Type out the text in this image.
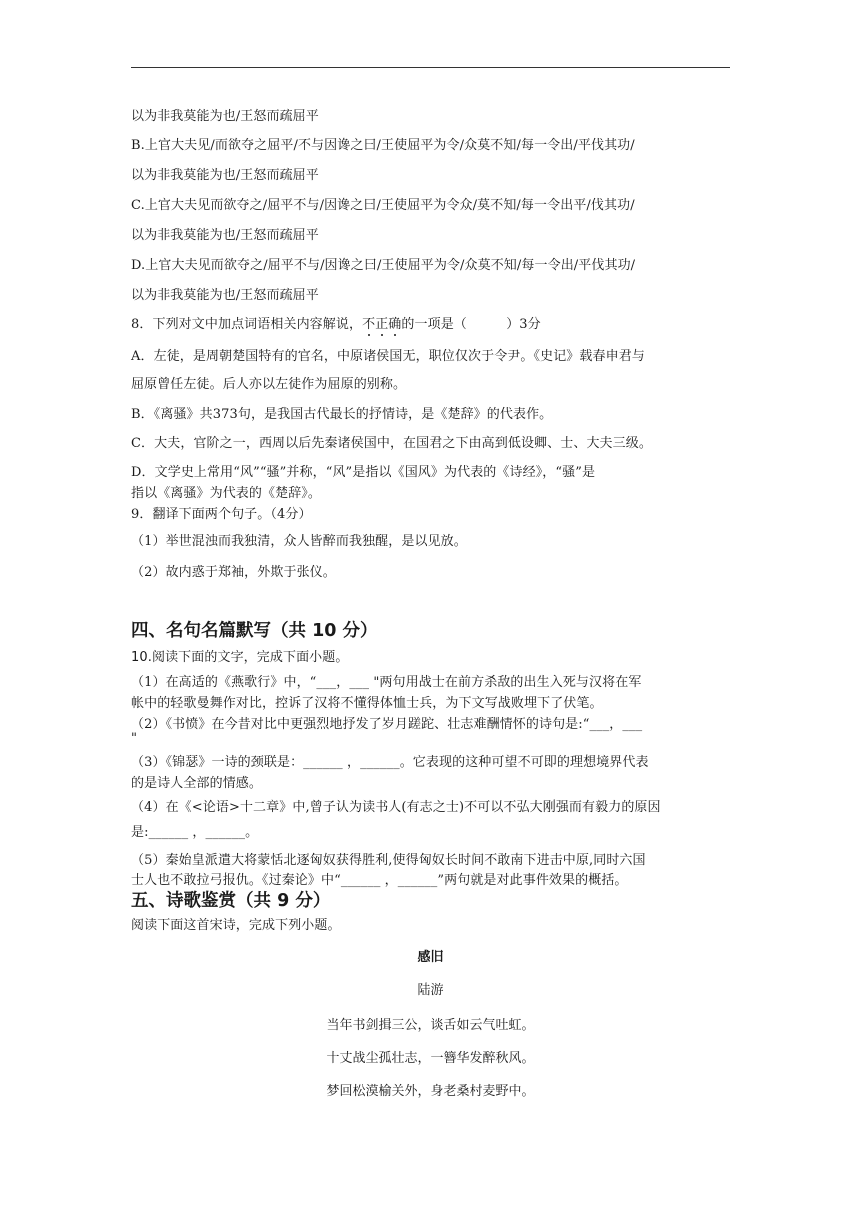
以为非我莫能为也/王怒而疏屈平
B.上官大夫见/而欲夺之屈平/不与因谗之曰/王使屈平为令/众莫不知/每一令出/平伐其功/
以为非我莫能为也/王怒而疏屈平
C.上官大夫见而欲夺之/屈平不与/因谗之曰/王使屈平为令众/莫不知/每一令出平/伐其功/
以为非我莫能为也/王怒而疏屈平
D.上官大夫见而欲夺之/屈平不与/因谗之曰/王使屈平为令/众莫不知/每一令出/平伐其功/
以为非我莫能为也/王怒而疏屈平
8．下列对文中加点词语相关内容解说，不正确的一项是（　　　）3分
A．左徒，是周朝楚国特有的官名，中原诸侯国无，职位仅次于令尹。《史记》载春申君与
屈原曾任左徒。后人亦以左徒作为屈原的别称。
B．《离骚》共373句，是我国古代最长的抒情诗，是《楚辞》的代表作。
C．大夫，官阶之一，西周以后先秦诸侯国中，在国君之下由高到低设卿、士、大夫三级。
D．文学史上常用“风”“骚”并称，“风”是指以《国风》为代表的《诗经》，“骚”是
指以《离骚》为代表的《楚辞》。
9．翻译下面两个句子。（4分）
（1）举世混浊而我独清，众人皆醉而我独醒，是以见放。
（2）故内惑于郑袖，外欺于张仪。
四、名句名篇默写（共 10 分）
10.阅读下面的文字，完成下面小题。
（1）在高适的《燕歌行》中，“___，___ "两句用战士在前方杀敌的出生入死与汉将在军
帐中的轻歌曼舞作对比，控诉了汉将不懂得体恤士兵，为下文写战败埋下了伏笔。
（2）《书愤》在今昔对比中更强烈地抒发了岁月蹉跎、壮志难酬情怀的诗句是:“___，___
"
（3）《锦瑟》一诗的颈联是：______ ，______。它表现的这种可望不可即的理想境界代表
的是诗人全部的情感。
（4）在《<论语>十二章》中,曾子认为读书人(有志之士)不可以不弘大刚强而有毅力的原因
是:______ ，______。
（5）秦始皇派遣大将蒙恬北逐匈奴获得胜利,使得匈奴长时间不敢南下进击中原,同时六国
士人也不敢拉弓报仇。《过秦论》中“______ ，______”两句就是对此事件效果的概括。
五、诗歌鉴赏（共 9 分）
阅读下面这首宋诗，完成下列小题。
感旧
陆游
当年书剑揖三公，谈舌如云气吐虹。
十丈战尘孤壮志，一簪华发醉秋风。
梦回松漠榆关外，身老桑村麦野中。
